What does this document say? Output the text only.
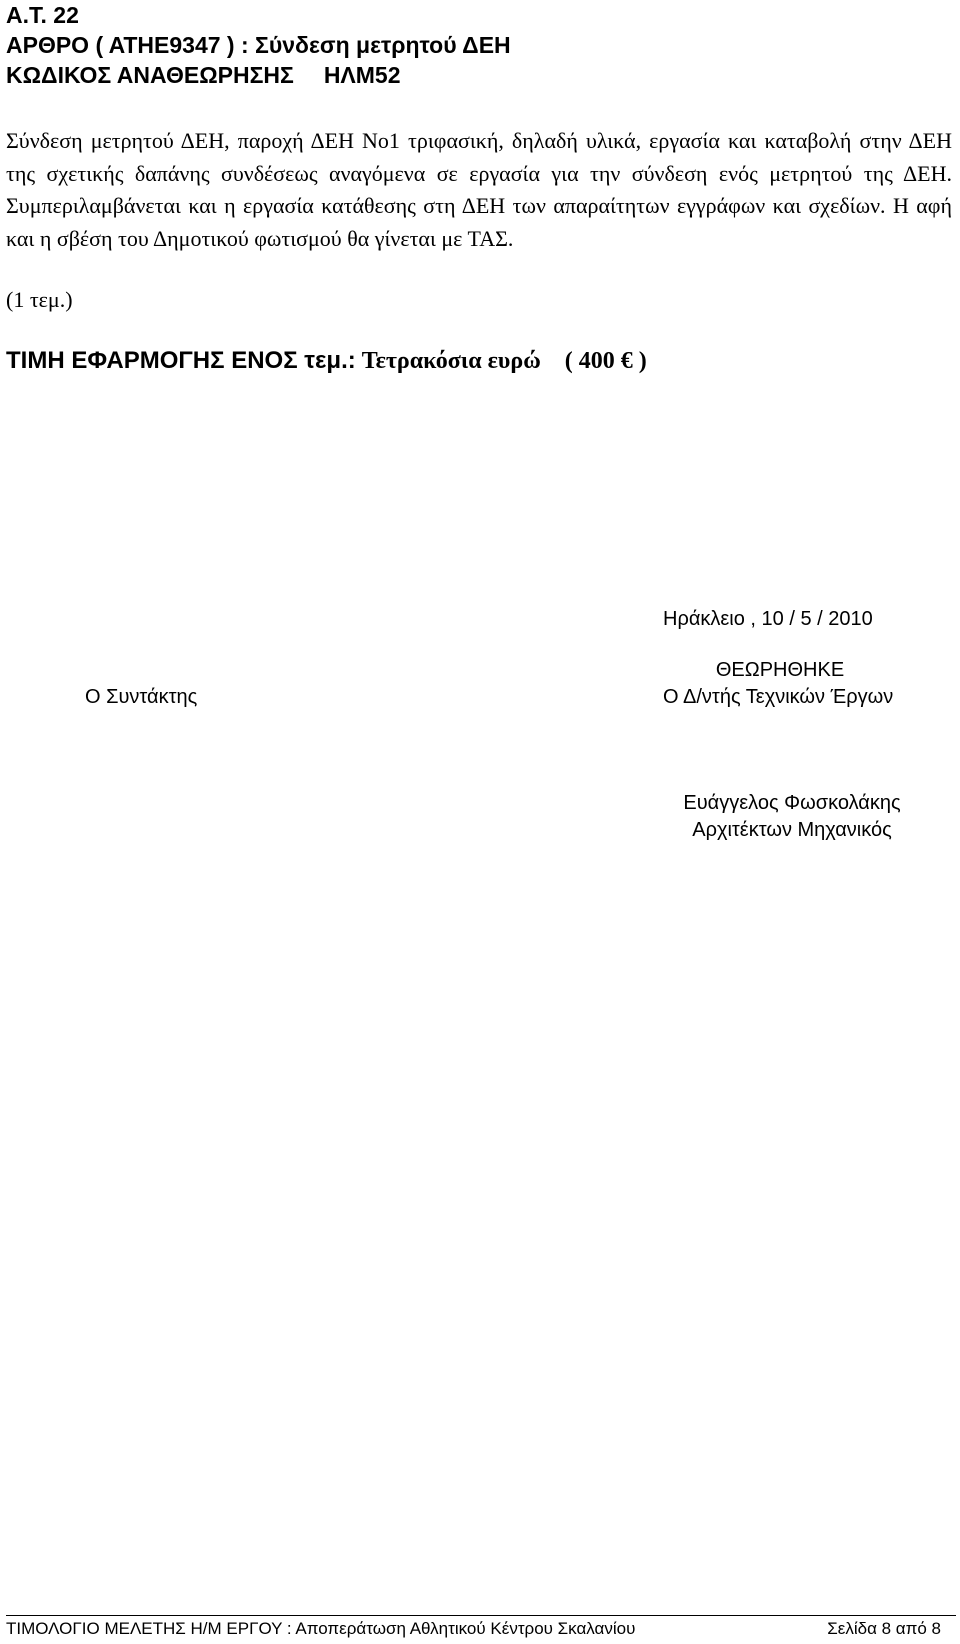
Α.Τ. 22
ΑΡΘΡΟ ( ΑΤΗΕ9347 ) : Σύνδεση μετρητού ΔΕΗ
ΚΩΔΙΚΟΣ ΑΝΑΘΕΩΡΗΣΗΣ ΗΛΜ52
Σύνδεση μετρητού ΔΕΗ, παροχή ΔΕΗ Νο1 τριφασική, δηλαδή υλικά, εργασία και καταβολή στην ΔΕΗ της σχετικής δαπάνης συνδέσεως αναγόμενα σε εργασία για την σύνδεση ενός μετρητού της ΔΕΗ. Συμπεριλαμβάνεται και η εργασία κατάθεσης στη ΔΕΗ των απαραίτητων εγγράφων και σχεδίων. Η αφή και η σβέση του Δημοτικού φωτισμού θα γίνεται με ΤΑΣ.
(1 τεμ.)
ΤΙΜΗ ΕΦΑΡΜΟΓΗΣ ΕΝΟΣ τεμ.: Τετρακόσια ευρώ ( 400 € )
Ηράκλειο , 10 / 5 / 2010
Ο Συντάκτης
ΘΕΩΡΗΘΗΚΕ
Ο Δ/ντής Τεχνικών Έργων
Ευάγγελος Φωσκολάκης
Αρχιτέκτων Μηχανικός
ΤΙΜΟΛΟΓΙΟ ΜΕΛΕΤΗΣ Η/Μ ΕΡΓΟΥ : Αποπεράτωση Αθλητικού Κέντρου Σκαλανίου	Σελίδα 8 από 8
